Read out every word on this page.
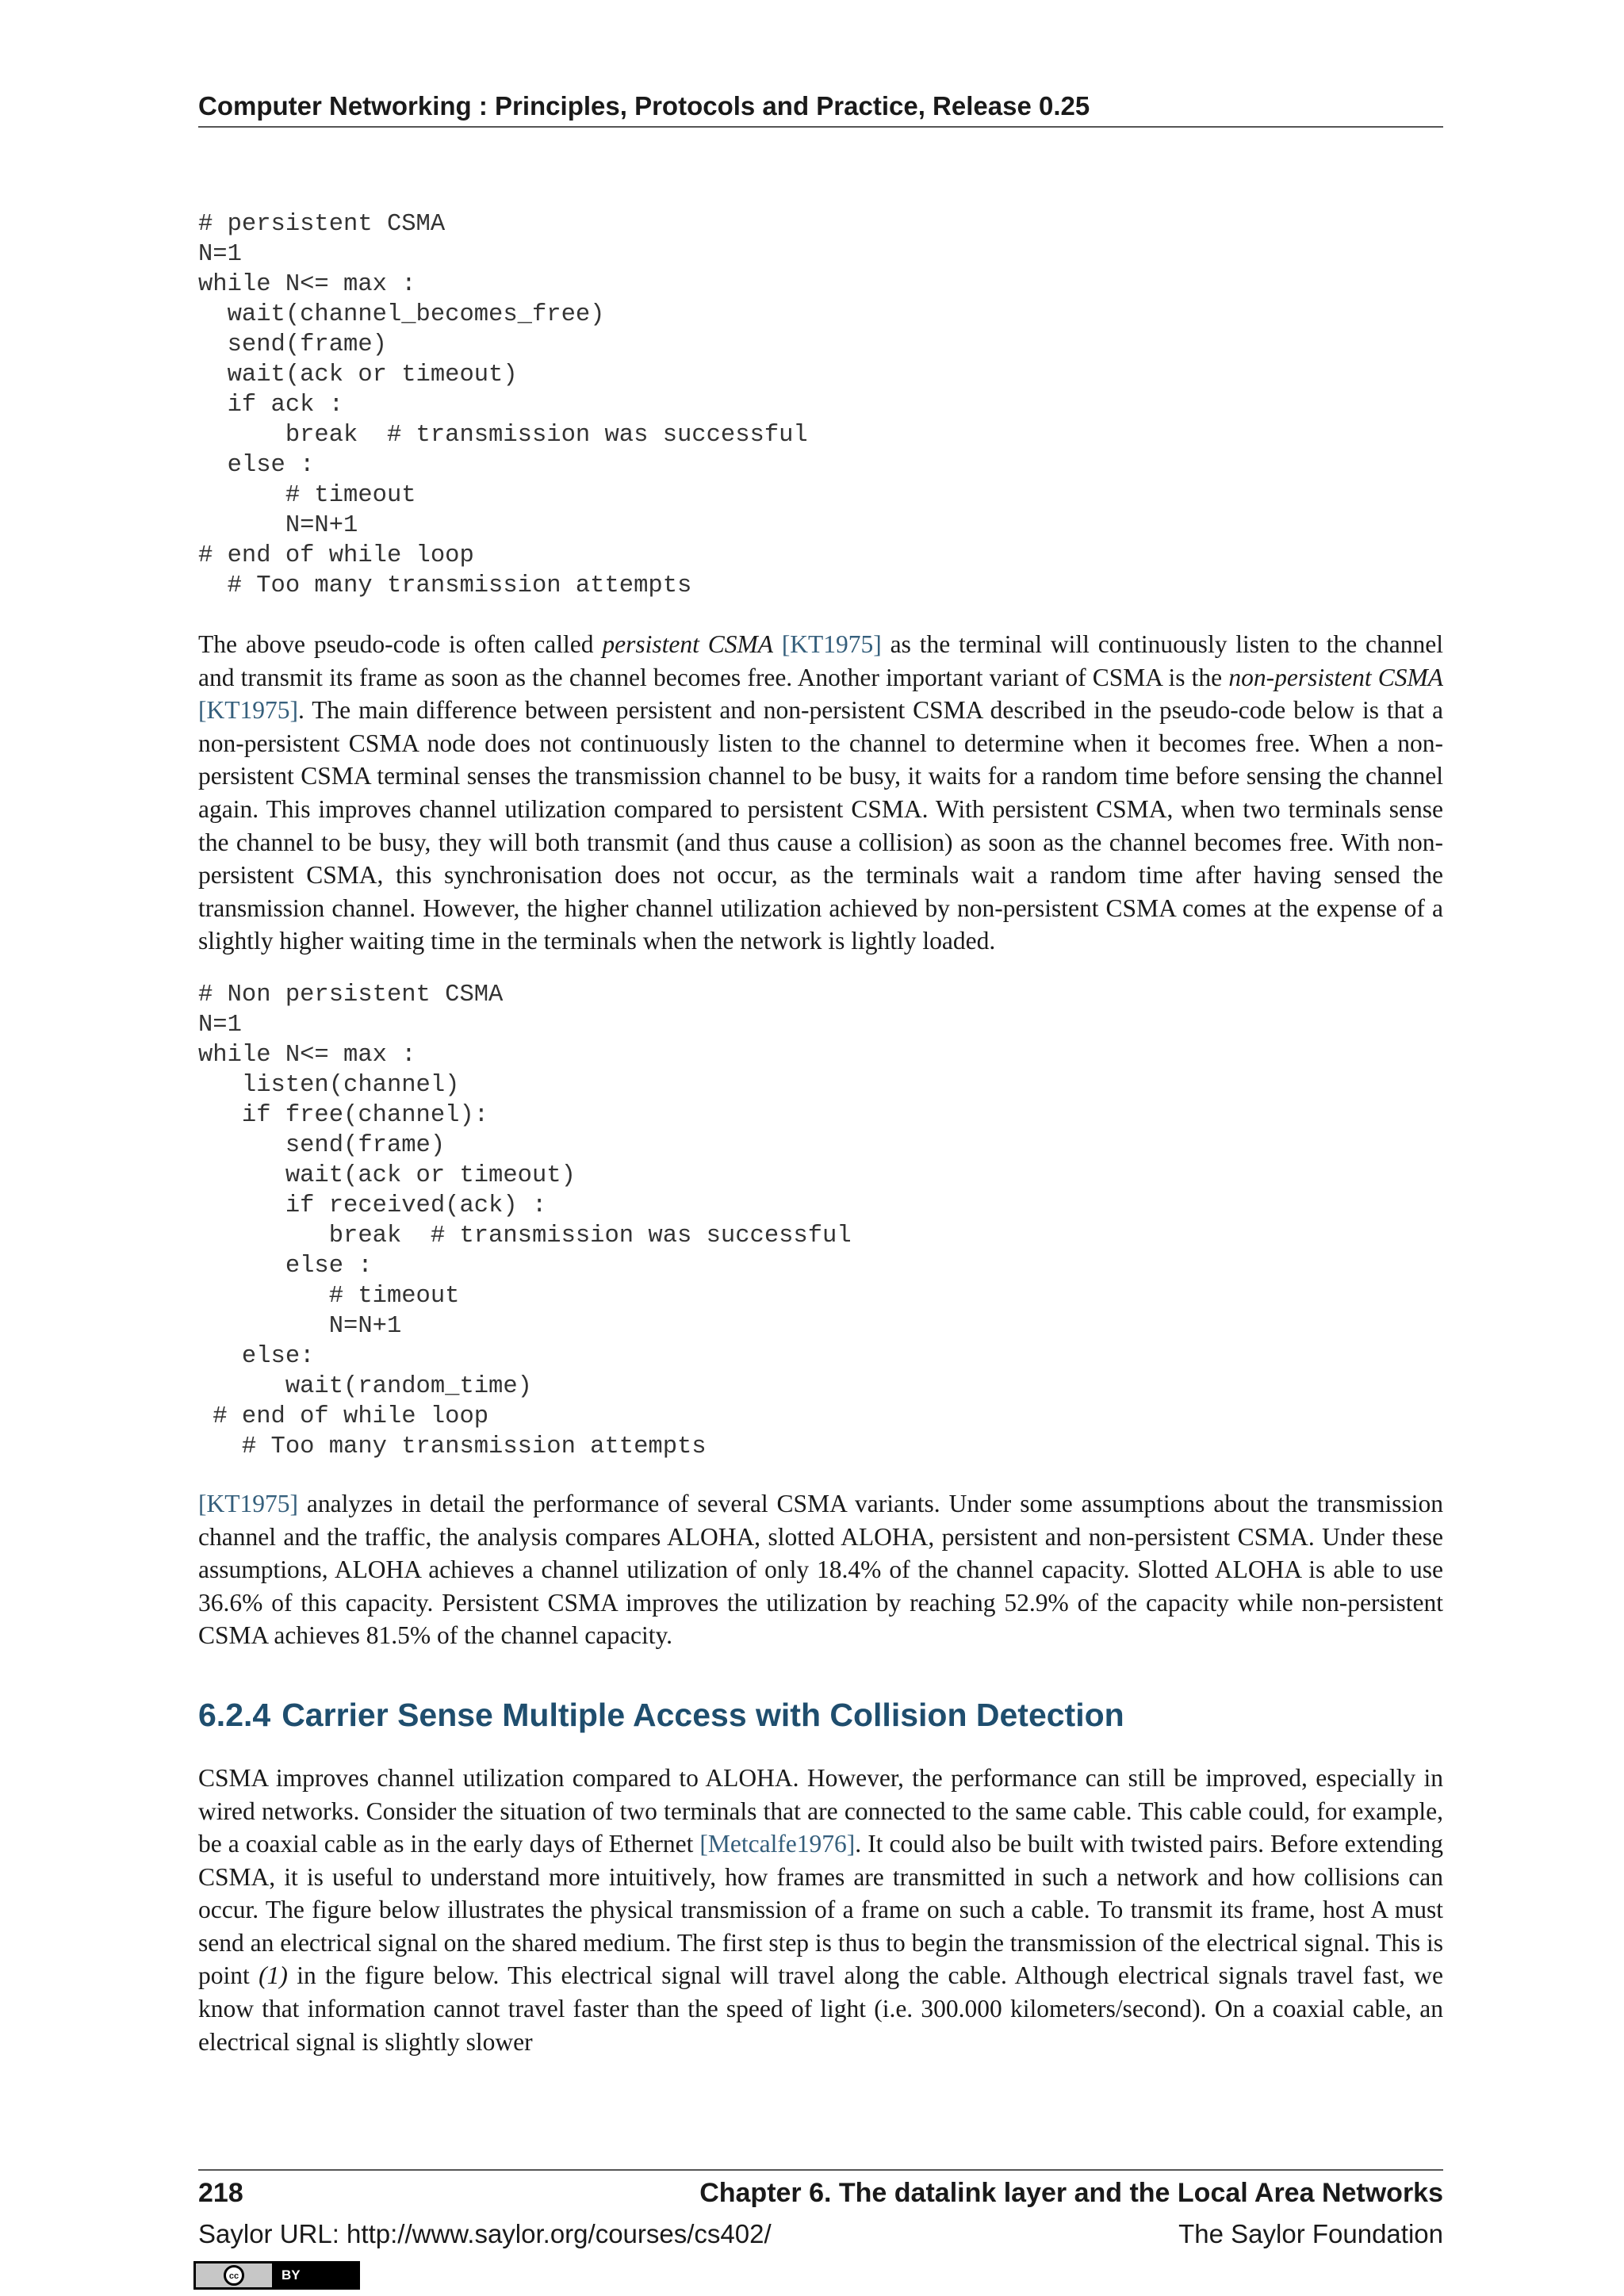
Computer Networking : Principles, Protocols and Practice, Release 0.25
# persistent CSMA
N=1
while N<= max :
wait(channel_becomes_free)
send(frame)
wait(ack or timeout)
if ack :
break  # transmission was successful
else :
# timeout
N=N+1
# end of while loop
# Too many transmission attempts

The above pseudo-code is often called persistent CSMA [KT1975] as the terminal will continuously listen to the channel and transmit its frame as soon as the channel becomes free. Another important variant of CSMA is the non-persistent CSMA [KT1975]. The main difference between persistent and non-persistent CSMA described in the pseudo-code below is that a non-persistent CSMA node does not continuously listen to the channel to determine when it becomes free. When a non-persistent CSMA terminal senses the transmission channel to be busy, it waits for a random time before sensing the channel again. This improves channel utilization compared to persistent CSMA. With persistent CSMA, when two terminals sense the channel to be busy, they will both transmit (and thus cause a collision) as soon as the channel becomes free. With non-persistent CSMA, this synchronisation does not occur, as the terminals wait a random time after having sensed the transmission channel. However, the higher channel utilization achieved by non-persistent CSMA comes at the expense of a slightly higher waiting time in the terminals when the network is lightly loaded.

# Non persistent CSMA
N=1
while N<= max :
listen(channel)
if free(channel):
send(frame)
wait(ack or timeout)
if received(ack) :
break  # transmission was successful
else :
# timeout
N=N+1
else:
wait(random_time)
# end of while loop
# Too many transmission attempts

[KT1975] analyzes in detail the performance of several CSMA variants. Under some assumptions about the transmission channel and the traffic, the analysis compares ALOHA, slotted ALOHA, persistent and non-persistent CSMA. Under these assumptions, ALOHA achieves a channel utilization of only 18.4% of the channel capacity. Slotted ALOHA is able to use 36.6% of this capacity. Persistent CSMA improves the utilization by reaching 52.9% of the capacity while non-persistent CSMA achieves 81.5% of the channel capacity.

6.2.4 Carrier Sense Multiple Access with Collision Detection

CSMA improves channel utilization compared to ALOHA. However, the performance can still be improved, especially in wired networks. Consider the situation of two terminals that are connected to the same cable. This cable could, for example, be a coaxial cable as in the early days of Ethernet [Metcalfe1976]. It could also be built with twisted pairs. Before extending CSMA, it is useful to understand more intuitively, how frames are transmitted in such a network and how collisions can occur. The figure below illustrates the physical transmission of a frame on such a cable. To transmit its frame, host A must send an electrical signal on the shared medium. The first step is thus to begin the transmission of the electrical signal. This is point (1) in the figure below. This electrical signal will travel along the cable. Although electrical signals travel fast, we know that information cannot travel faster than the speed of light (i.e. 300.000 kilometers/second). On a coaxial cable, an electrical signal is slightly slower

218	Chapter 6. The datalink layer and the Local Area Networks
Saylor URL: http://www.saylor.org/courses/cs402/	The Saylor Foundation
cc	BY
